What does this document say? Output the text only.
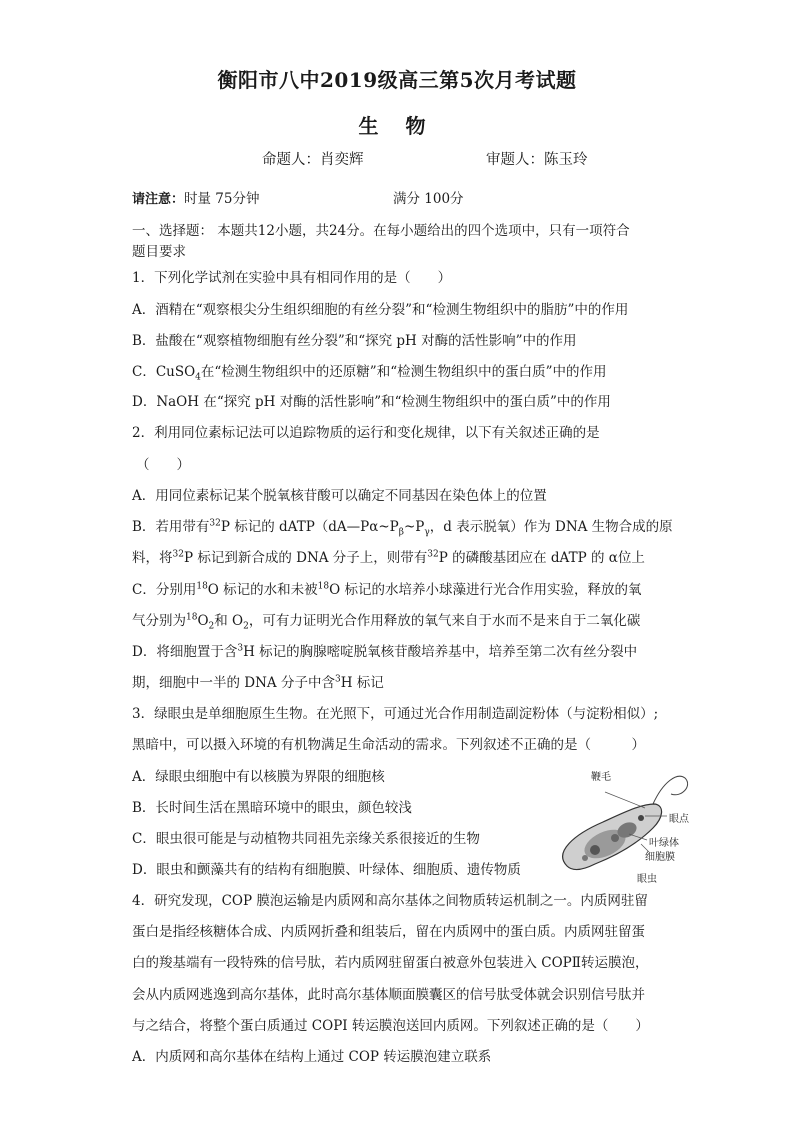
衡阳市八中2019级高三第5次月考试题
生 物
命题人：肖奕辉	审题人：陈玉玲
请注意：时量 75分钟	满分 100分
一、选择题： 本题共12小题，共24分。在每小题给出的四个选项中，只有一项符合
题目要求
1．下列化学试剂在实验中具有相同作用的是（　　）
A．酒精在“观察根尖分生组织细胞的有丝分裂”和“检测生物组织中的脂肪”中的作用
B．盐酸在“观察植物细胞有丝分裂”和“探究 pH 对酶的活性影响”中的作用
C．CuSO$_4$在“检测生物组织中的还原糖”和“检测生物组织中的蛋白质”中的作用
D．NaOH 在“探究 pH 对酶的活性影响”和“检测生物组织中的蛋白质”中的作用
2．利用同位素标记法可以追踪物质的运行和变化规律，以下有关叙述正确的是
（　　）
A．用同位素标记某个脱氧核苷酸可以确定不同基因在染色体上的位置
B．若用带有$^{32}$P 标记的 $dATP(dA—P\alpha\sim P_\beta\sim P_\gamma$，d 表示脱氧）作为 DNA 生物合成的原
料，将$^{32}$P 标记到新合成的 DNA 分子上，则带有$^{32}$P 的磷酸基团应在 dATP 的 α位上
C．分别用$^{18}$O 标记的水和未被$^{18}$O 标记的水培养小球藻进行光合作用实验，释放的氧
气分别为$^{18}O_2$和 $O_2$，可有力证明光合作用释放的氧气来自于水而不是来自于二氧化碳
D．将细胞置于含$^3$H 标记的胸腺嘧啶脱氧核苷酸培养基中，培养至第二次有丝分裂中
期，细胞中一半的 DNA 分子中含$^3$H 标记
3．绿眼虫是单细胞原生生物。在光照下，可通过光合作用制造副淀粉体（与淀粉相似）;
黑暗中，可以摄入环境的有机物满足生命活动的需求。下列叙述不正确的是（　　　）
A．绿眼虫细胞中有以核膜为界限的细胞核
B．长时间生活在黑暗环境中的眼虫，颜色较浅
C．眼虫很可能是与动植物共同祖先亲缘关系很接近的生物
D．眼虫和颤藻共有的结构有细胞膜、叶绿体、细胞质、遗传物质
鞭毛
眼点
叶绿体
细胞膜
眼虫
4．研究发现，COP 膜泡运输是内质网和高尔基体之间物质转运机制之一。内质网驻留
蛋白是指经核糖体合成、内质网折叠和组装后，留在内质网中的蛋白质。内质网驻留蛋
白的羧基端有一段特殊的信号肽，若内质网驻留蛋白被意外包装进入 COPⅡ转运膜泡，
会从内质网逃逸到高尔基体，此时高尔基体顺面膜囊区的信号肽受体就会识别信号肽并
与之结合，将整个蛋白质通过 COPI 转运膜泡送回内质网。下列叙述正确的是（　　）
A．内质网和高尔基体在结构上通过 COP 转运膜泡建立联系
